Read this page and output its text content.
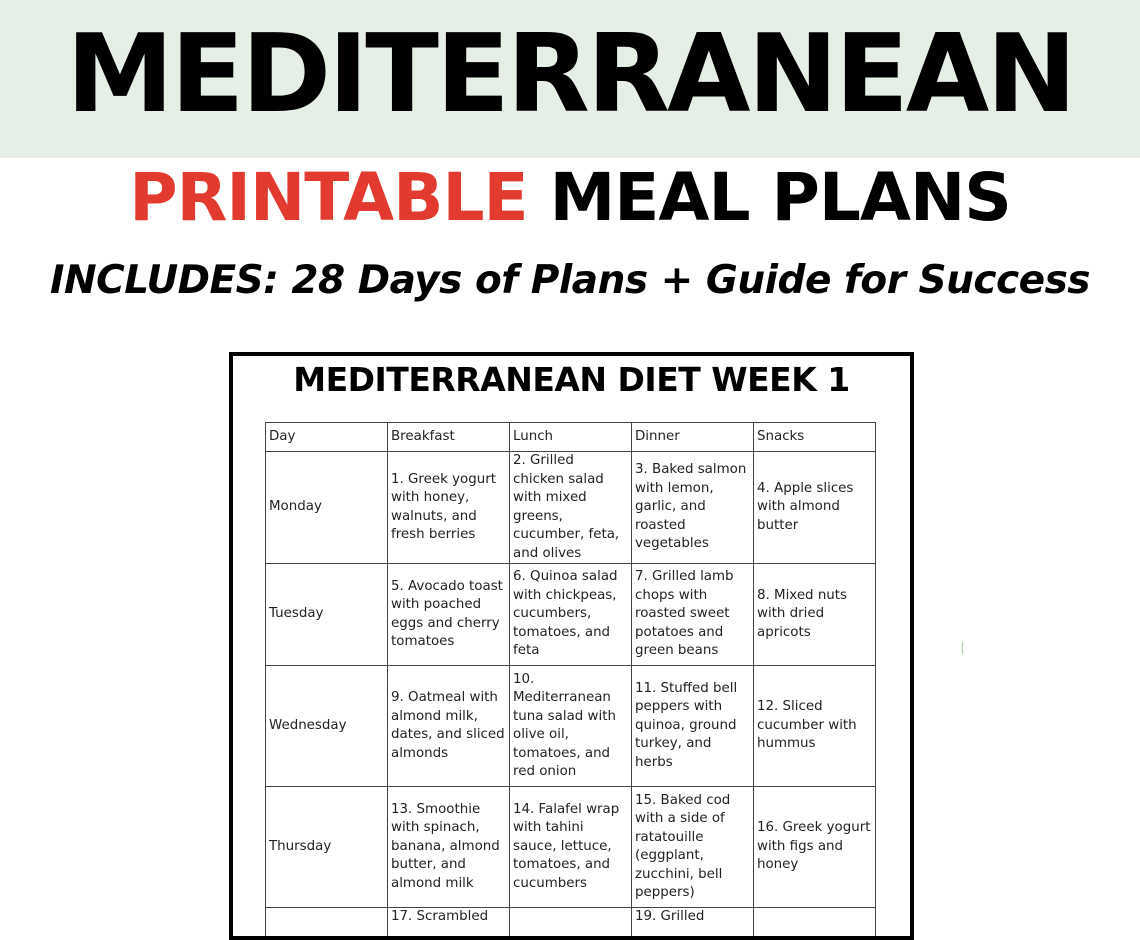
MEDITERRANEAN
PRINTABLE MEAL PLANS
INCLUDES: 28 Days of Plans + Guide for Success
MEDITERRANEAN DIET WEEK 1
Day	Breakfast	Lunch	Dinner	Snacks
Monday	1. Greek yogurt with honey, walnuts, and fresh berries	2. Grilled chicken salad with mixed greens, cucumber, feta, and olives	3. Baked salmon with lemon, garlic, and roasted vegetables	4. Apple slices with almond butter
Tuesday	5. Avocado toast with poached eggs and cherry tomatoes	6. Quinoa salad with chickpeas, cucumbers, tomatoes, and feta	7. Grilled lamb chops with roasted sweet potatoes and green beans	8. Mixed nuts with dried apricots
Wednesday	9. Oatmeal with almond milk, dates, and sliced almonds	10. Mediterranean tuna salad with olive oil, tomatoes, and red onion	11. Stuffed bell peppers with quinoa, ground turkey, and herbs	12. Sliced cucumber with hummus
Thursday	13. Smoothie with spinach, banana, almond butter, and almond milk	14. Falafel wrap with tahini sauce, lettuce, tomatoes, and cucumbers	15. Baked cod with a side of ratatouille (eggplant, zucchini, bell peppers)	16. Greek yogurt with figs and honey
	17. Scrambled		19. Grilled	
